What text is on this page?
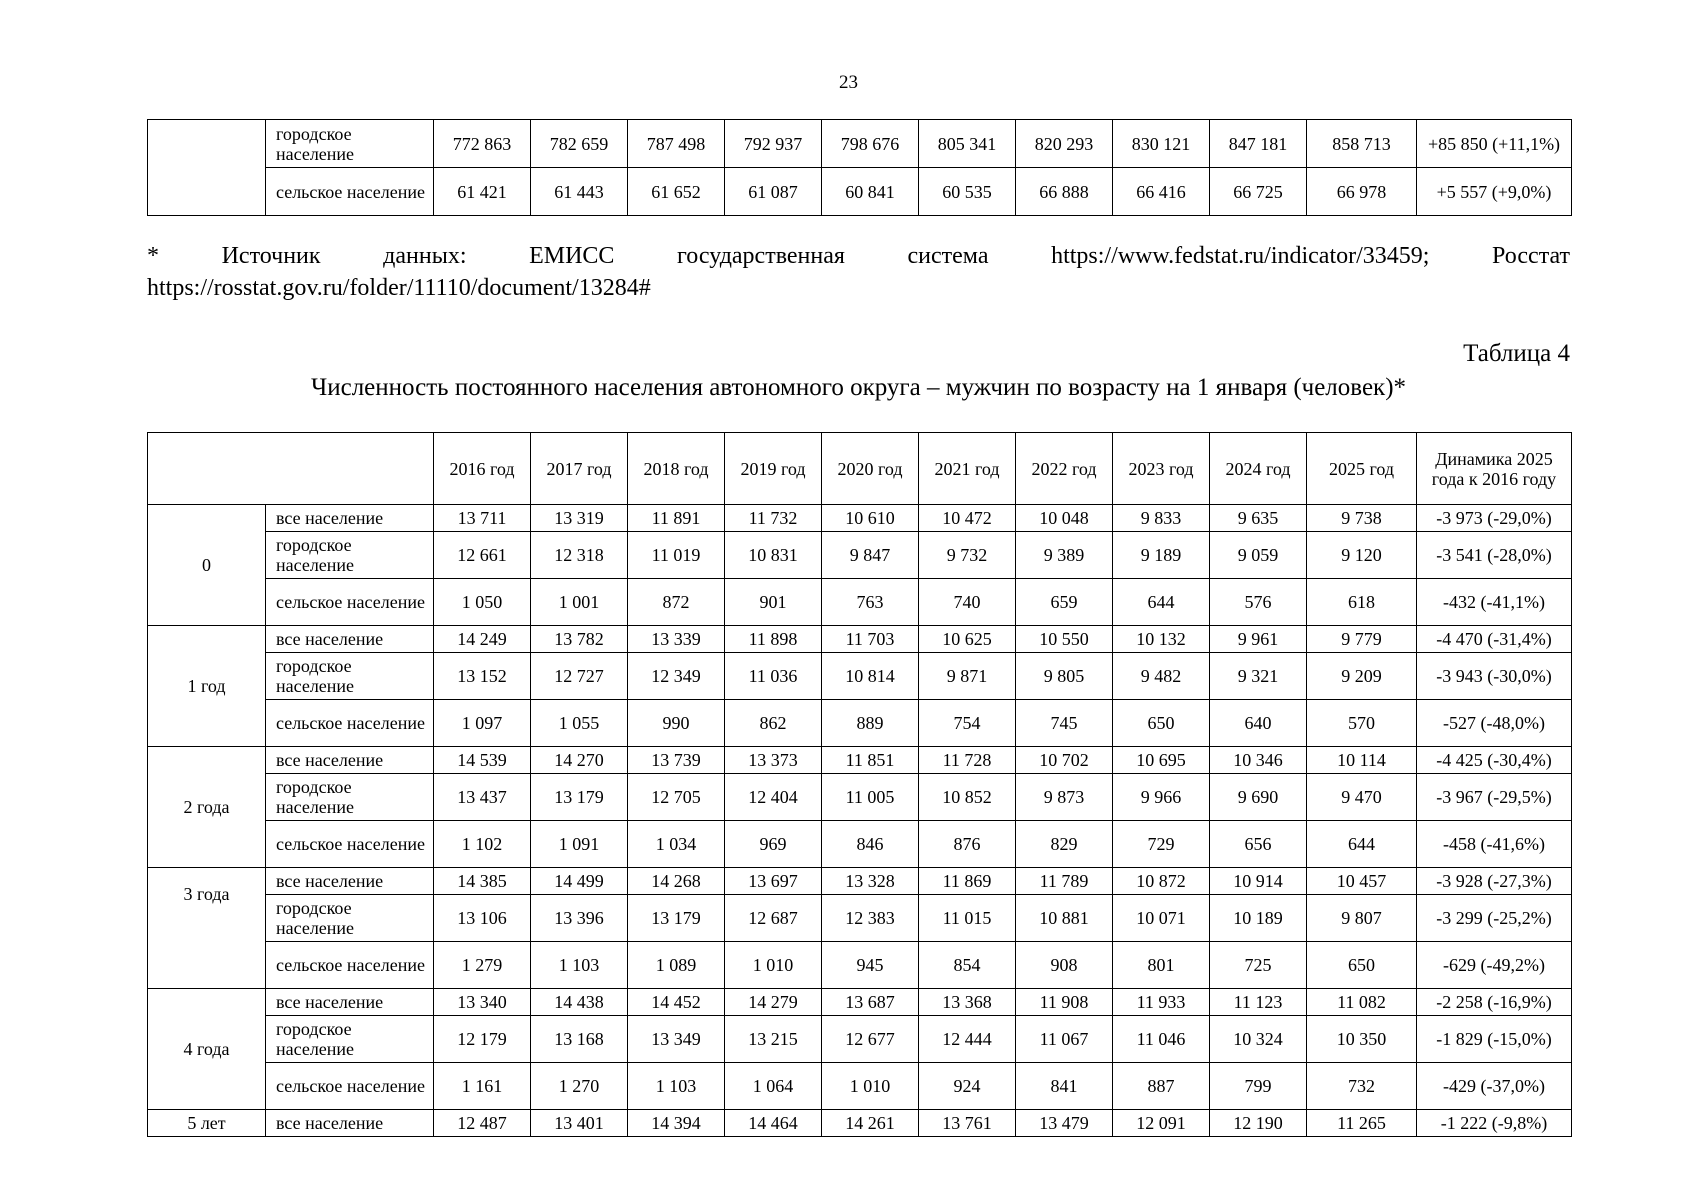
23
	городское население	772 863	782 659	787 498	792 937	798 676	805 341	820 293	830 121	847 181	858 713	+85 850 (+11,1%)
	сельское население	61 421	61 443	61 652	61 087	60 841	60 535	66 888	66 416	66 725	66 978	+5 557 (+9,0%)
* Источник данных: ЕМИСС государственная система https://www.fedstat.ru/indicator/33459; Росстат
https://rosstat.gov.ru/folder/11110/document/13284#
Таблица 4
Численность постоянного населения автономного округа – мужчин по возрасту на 1 января (человек)*
		2016 год	2017 год	2018 год	2019 год	2020 год	2021 год	2022 год	2023 год	2024 год	2025 год	Динамика 2025 года к 2016 году
0	все население	13 711	13 319	11 891	11 732	10 610	10 472	10 048	9 833	9 635	9 738	-3 973 (-29,0%)
	городское население	12 661	12 318	11 019	10 831	9 847	9 732	9 389	9 189	9 059	9 120	-3 541 (-28,0%)
	сельское население	1 050	1 001	872	901	763	740	659	644	576	618	-432 (-41,1%)
1 год	все население	14 249	13 782	13 339	11 898	11 703	10 625	10 550	10 132	9 961	9 779	-4 470 (-31,4%)
	городское население	13 152	12 727	12 349	11 036	10 814	9 871	9 805	9 482	9 321	9 209	-3 943 (-30,0%)
	сельское население	1 097	1 055	990	862	889	754	745	650	640	570	-527 (-48,0%)
2 года	все население	14 539	14 270	13 739	13 373	11 851	11 728	10 702	10 695	10 346	10 114	-4 425 (-30,4%)
	городское население	13 437	13 179	12 705	12 404	11 005	10 852	9 873	9 966	9 690	9 470	-3 967 (-29,5%)
	сельское население	1 102	1 091	1 034	969	846	876	829	729	656	644	-458 (-41,6%)
3 года	все население	14 385	14 499	14 268	13 697	13 328	11 869	11 789	10 872	10 914	10 457	-3 928 (-27,3%)
	городское население	13 106	13 396	13 179	12 687	12 383	11 015	10 881	10 071	10 189	9 807	-3 299 (-25,2%)
	сельское население	1 279	1 103	1 089	1 010	945	854	908	801	725	650	-629 (-49,2%)
4 года	все население	13 340	14 438	14 452	14 279	13 687	13 368	11 908	11 933	11 123	11 082	-2 258 (-16,9%)
	городское население	12 179	13 168	13 349	13 215	12 677	12 444	11 067	11 046	10 324	10 350	-1 829 (-15,0%)
	сельское население	1 161	1 270	1 103	1 064	1 010	924	841	887	799	732	-429 (-37,0%)
5 лет	все население	12 487	13 401	14 394	14 464	14 261	13 761	13 479	12 091	12 190	11 265	-1 222 (-9,8%)
